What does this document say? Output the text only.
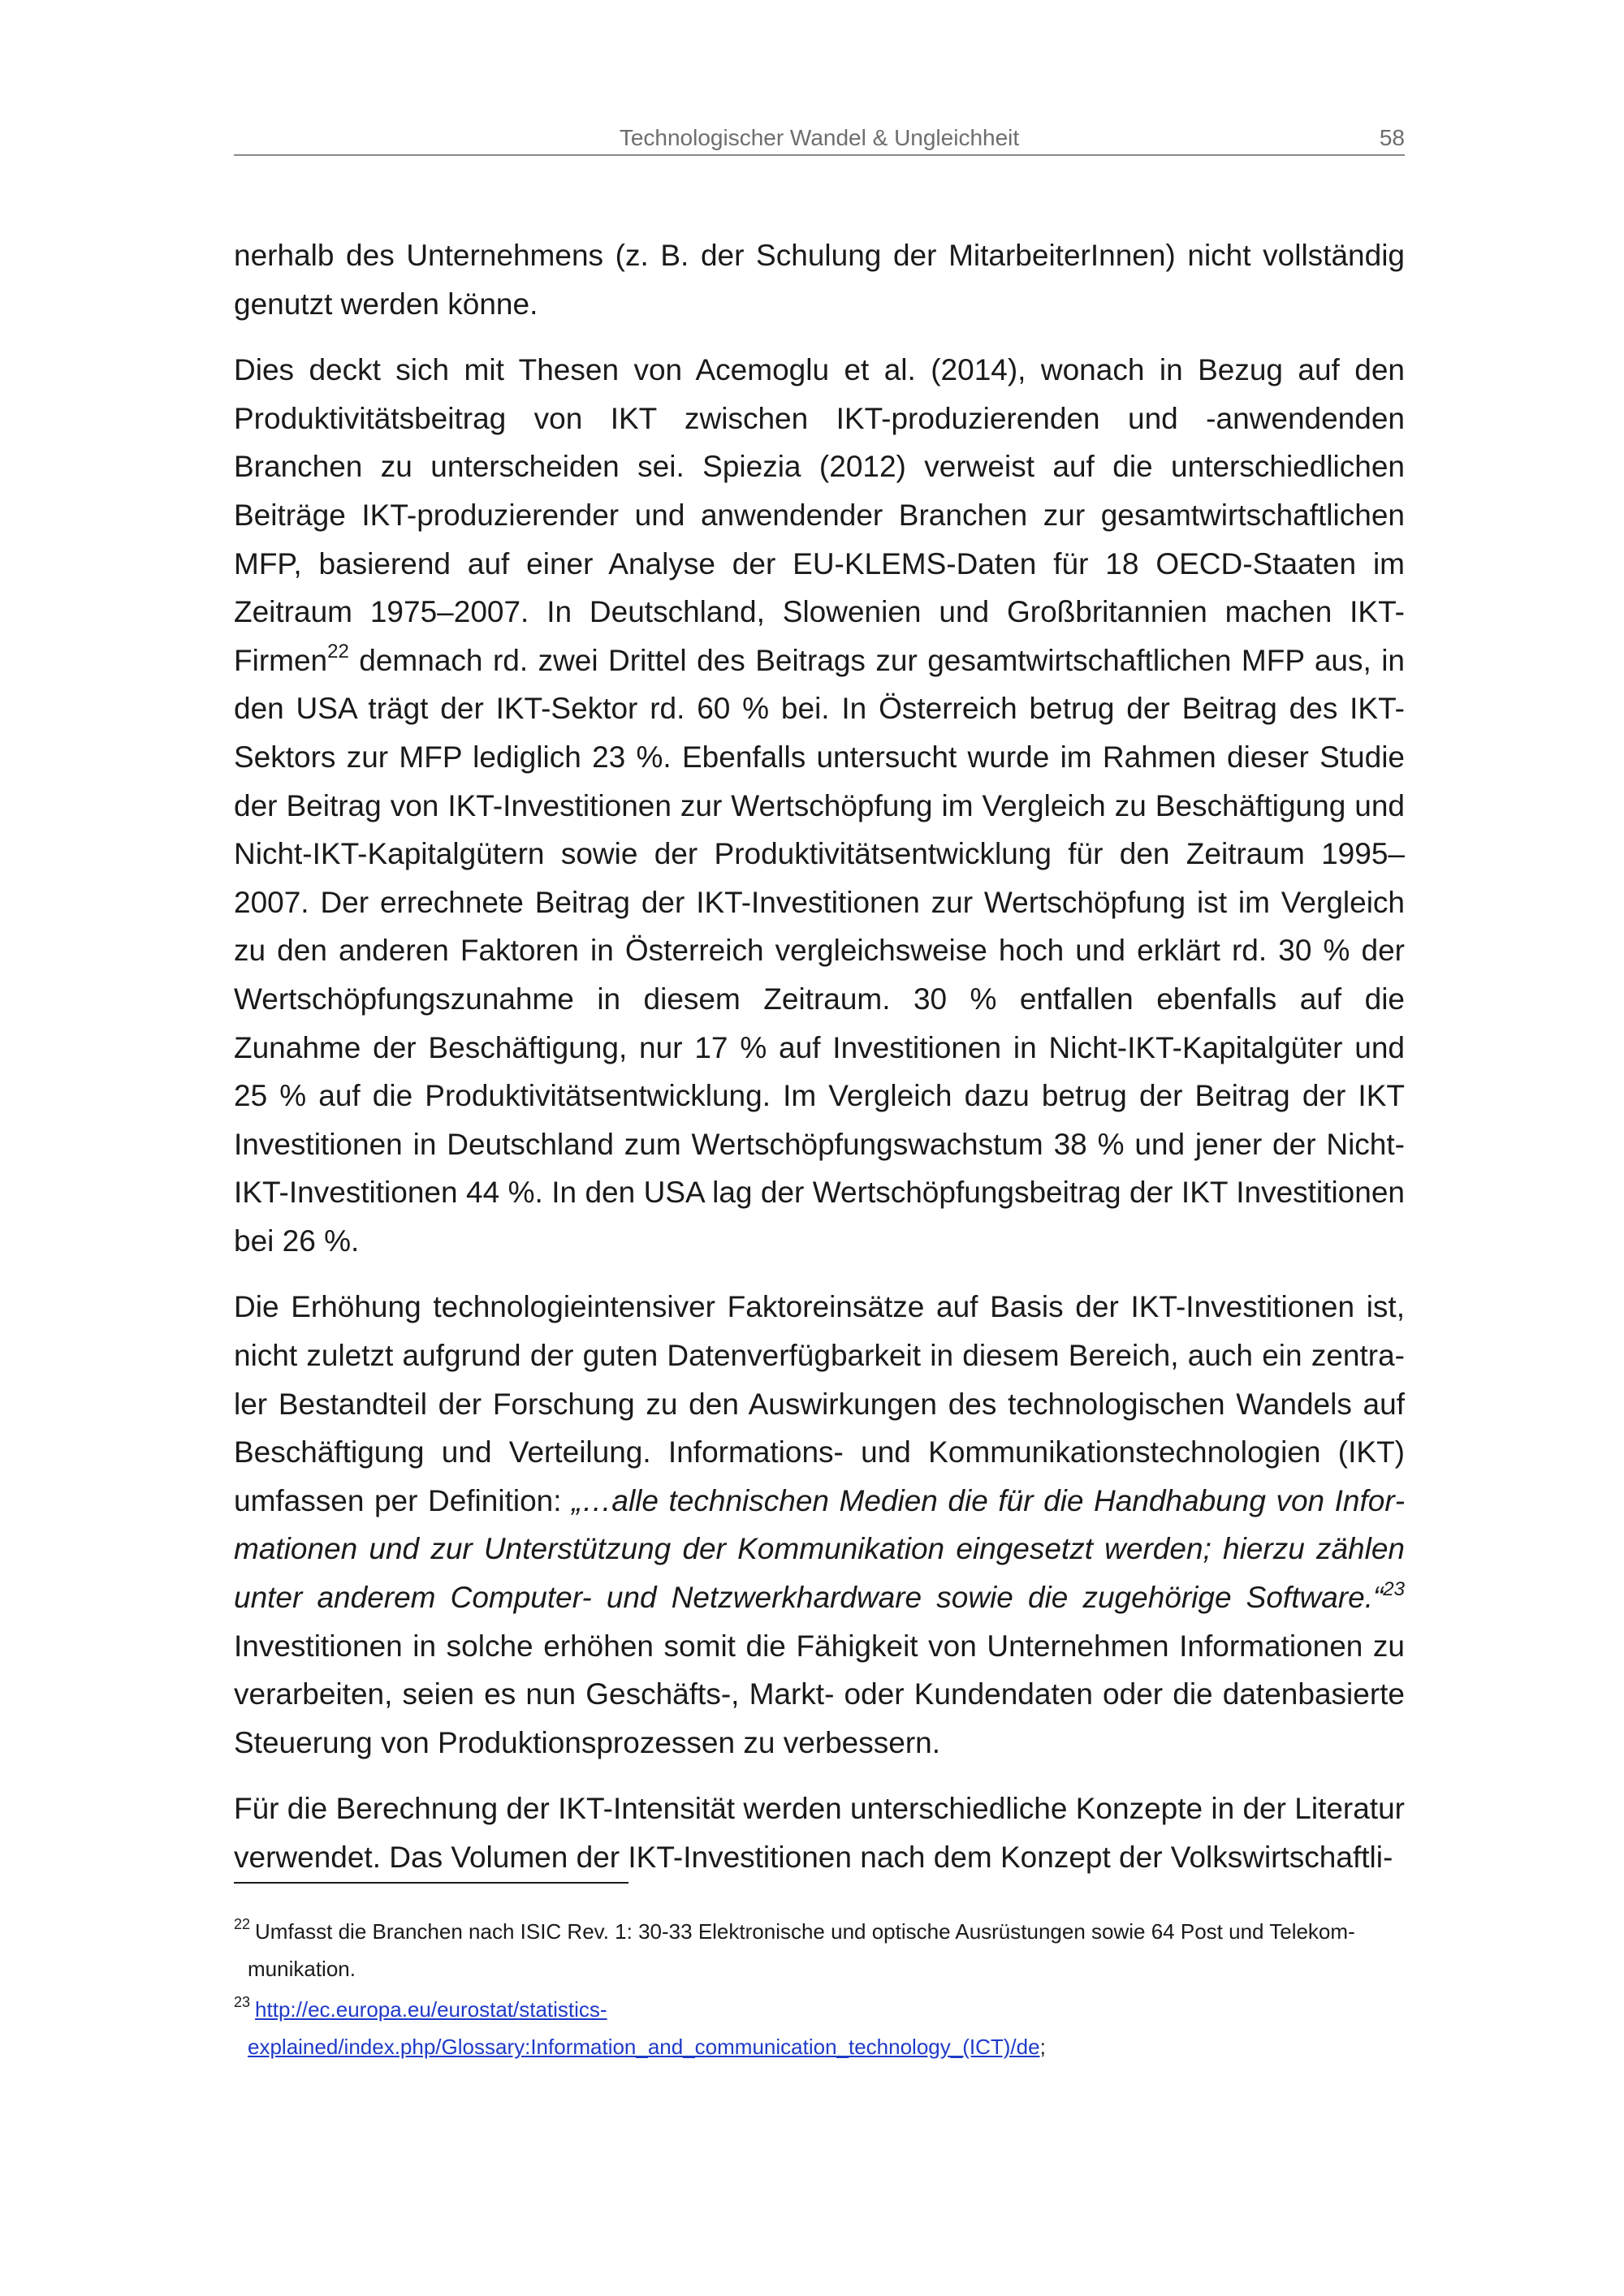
Technologischer Wandel & Ungleichheit	58

nerhalb des Unternehmens (z. B. der Schulung der MitarbeiterInnen) nicht vollständig genutzt werden könne.

Dies deckt sich mit Thesen von Acemoglu et al. (2014), wonach in Bezug auf den Produktivitätsbeitrag von IKT zwischen IKT-produzierenden und -anwendenden Branchen zu unterscheiden sei. Spiezia (2012) verweist auf die unterschiedlichen Beiträge IKT-produzierender und anwendender Branchen zur gesamtwirtschaftlichen MFP, basierend auf einer Analyse der EU-KLEMS-Daten für 18 OECD-Staaten im Zeitraum 1975–2007. In Deutschland, Slowenien und Großbritannien machen IKT-Firmen$^{22}$ demnach rd. zwei Drittel des Beitrags zur gesamtwirtschaftlichen MFP aus, in den USA trägt der IKT-Sektor rd. 60 % bei. In Österreich betrug der Beitrag des IKT-Sektors zur MFP lediglich 23 %. Ebenfalls untersucht wurde im Rahmen dieser Studie der Beitrag von IKT-Investitionen zur Wertschöpfung im Vergleich zu Beschäftigung und Nicht-IKT-Kapitalgütern sowie der Produktivitätsentwicklung für den Zeitraum 1995–2007. Der errechnete Beitrag der IKT-Investitionen zur Wertschöpfung ist im Vergleich zu den anderen Faktoren in Österreich vergleichsweise hoch und erklärt rd. 30 % der Wertschöpfungszunahme in diesem Zeitraum. 30 % entfallen ebenfalls auf die Zunahme der Beschäftigung, nur 17 % auf Investitionen in Nicht-IKT-Kapitalgüter und 25 % auf die Produktivitätsentwicklung. Im Vergleich dazu betrug der Beitrag der IKT Investitionen in Deutschland zum Wertschöpfungswachstum 38 % und jener der Nicht-IKT-Investitionen 44 %. In den USA lag der Wertschöpfungsbeitrag der IKT Investitionen bei 26 %.

Die Erhöhung technologieintensiver Faktoreinsätze auf Basis der IKT-Investitionen ist, nicht zuletzt aufgrund der guten Datenverfügbarkeit in diesem Bereich, auch ein zentraler Bestandteil der Forschung zu den Auswirkungen des technologischen Wandels auf Beschäftigung und Verteilung. Informations- und Kommunikationstechnologien (IKT) umfassen per Definition: „…alle technischen Medien die für die Handhabung von Informationen und zur Unterstützung der Kommunikation eingesetzt werden; hierzu zählen unter anderem Computer- und Netzwerkhardware sowie die zugehörige Software.“$^{23}$ Investitionen in solche erhöhen somit die Fähigkeit von Unternehmen Informationen zu verarbeiten, seien es nun Geschäfts-, Markt- oder Kundendaten oder die datenbasierte Steuerung von Produktionsprozessen zu verbessern.

Für die Berechnung der IKT-Intensität werden unterschiedliche Konzepte in der Literatur verwendet. Das Volumen der IKT-Investitionen nach dem Konzept der Volkswirtschaftli-

$^{22}$ Umfasst die Branchen nach ISIC Rev. 1: 30-33 Elektronische und optische Ausrüstungen sowie 64 Post und Telekommunikation.
$^{23}$ http://ec.europa.eu/eurostat/statistics-explained/index.php/Glossary:Information_and_communication_technology_(ICT)/de;
